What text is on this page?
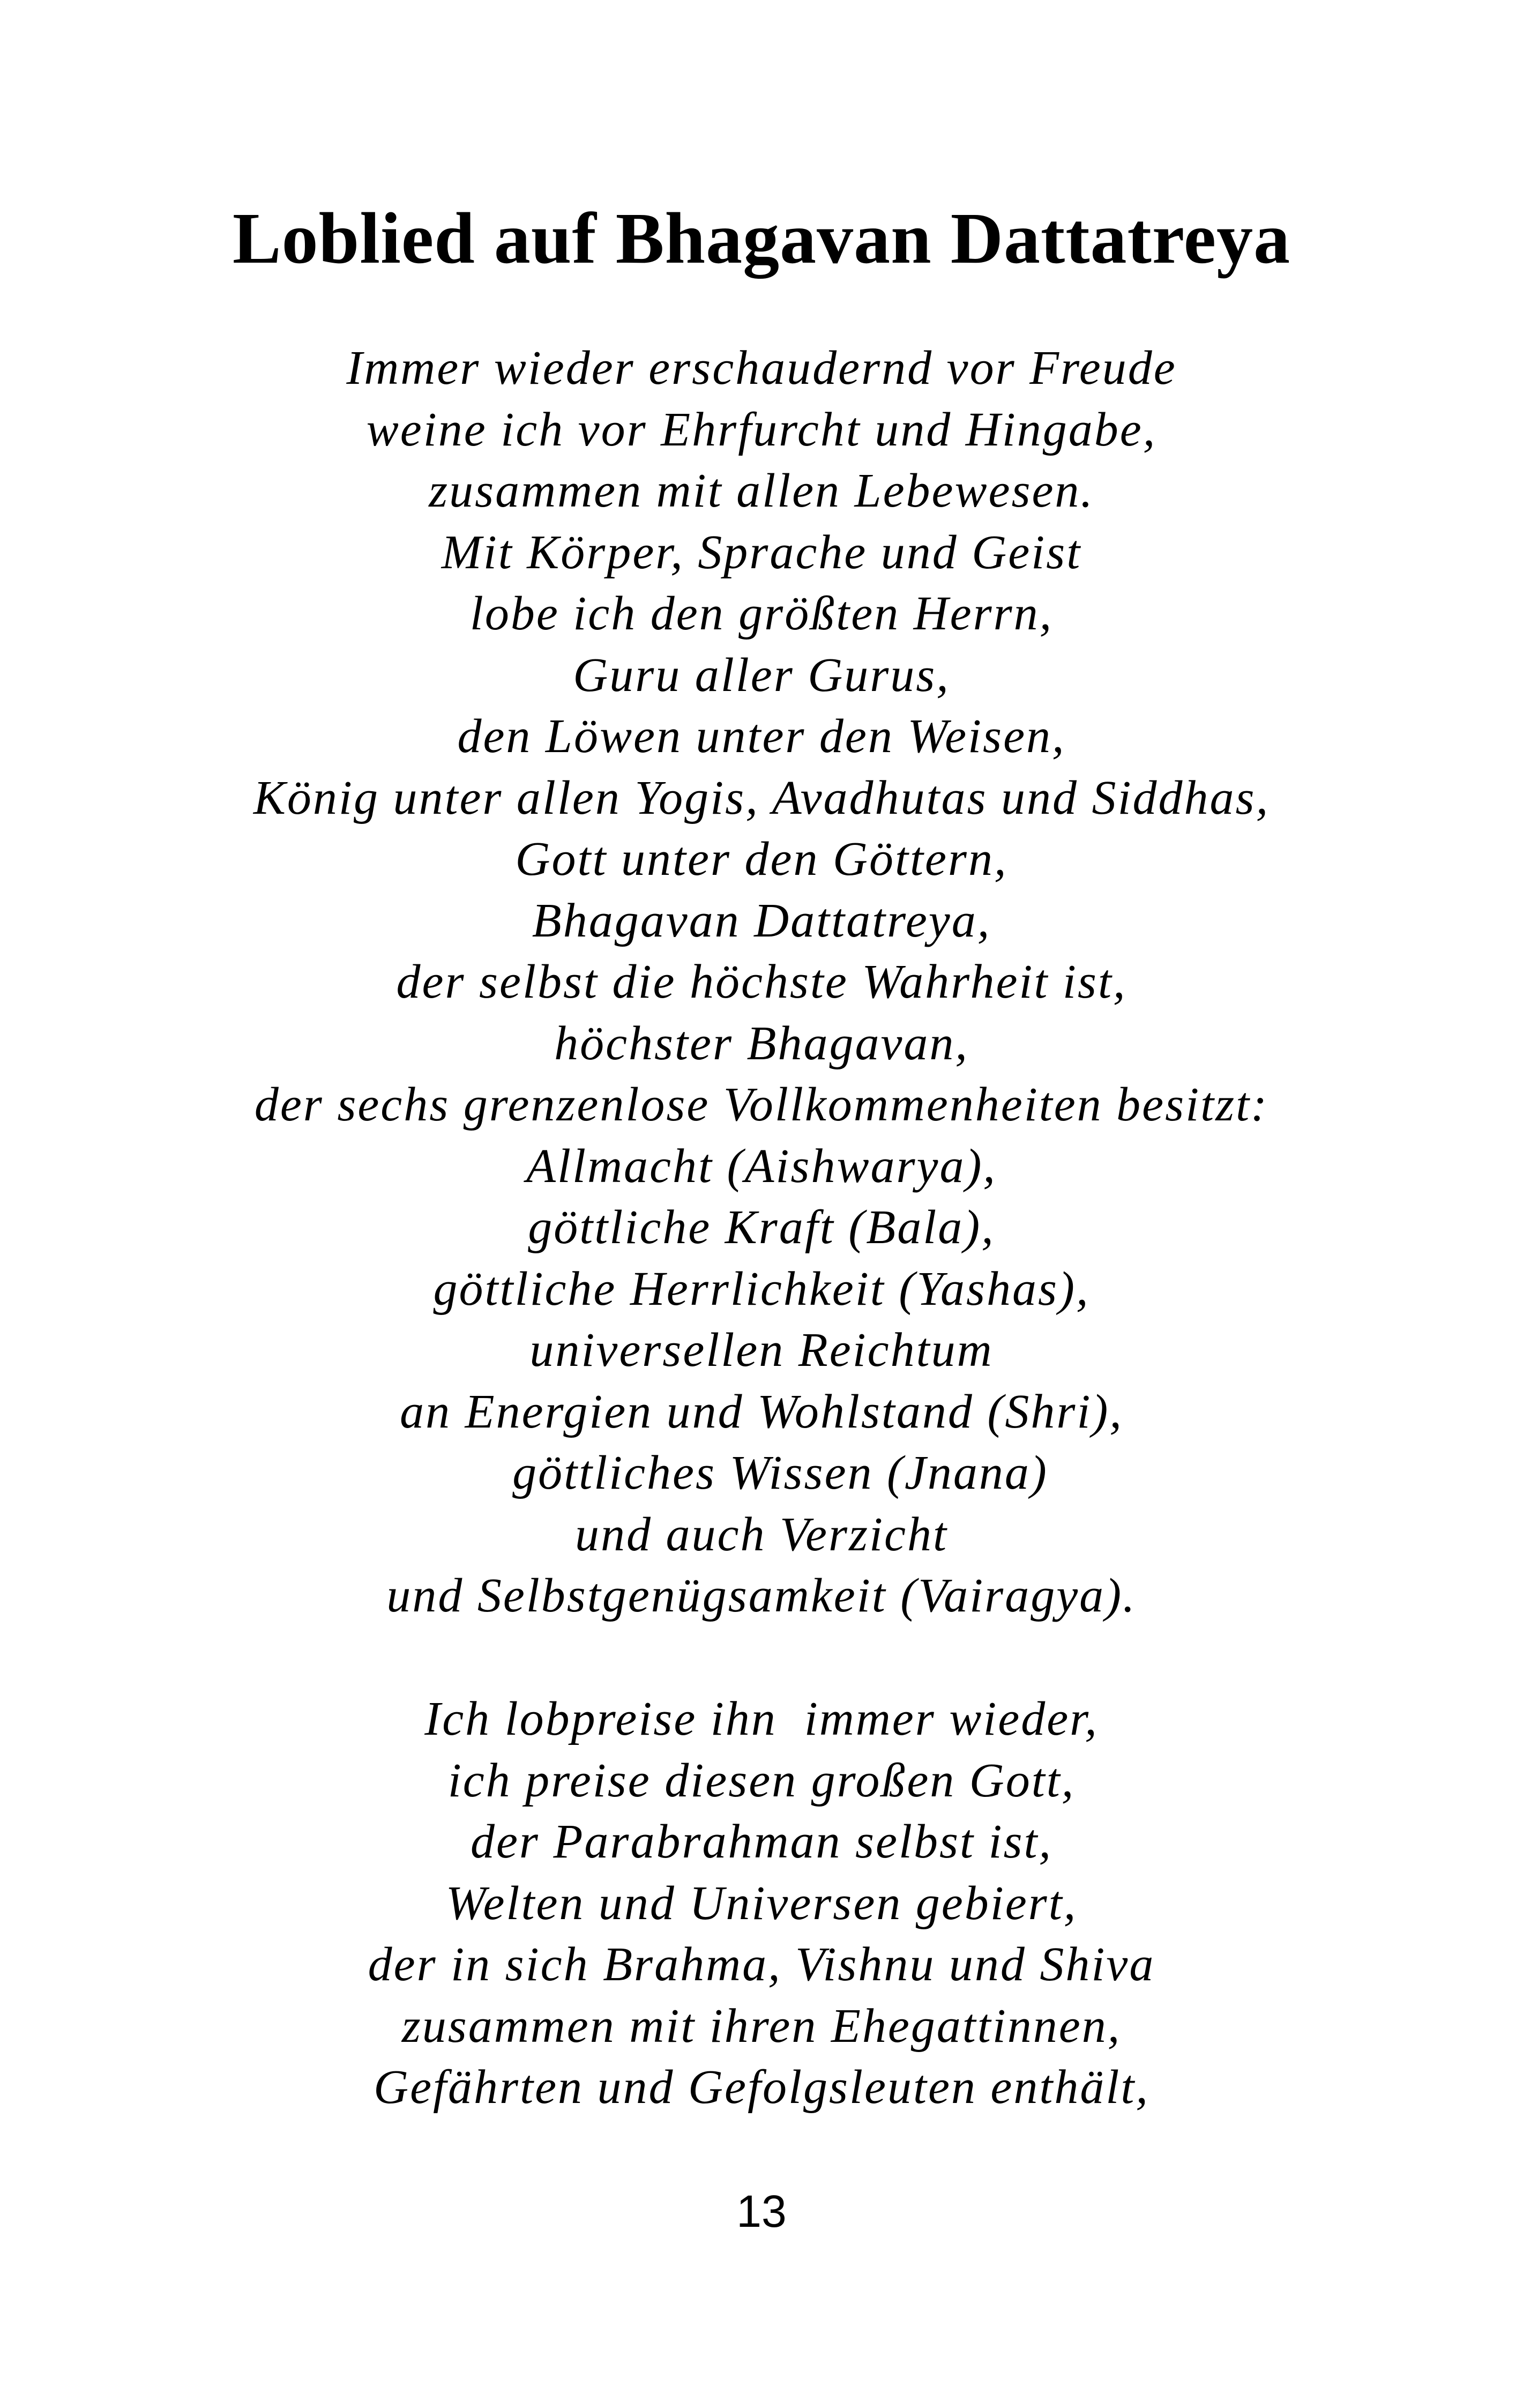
Loblied auf Bhagavan Dattatreya
Immer wieder erschaudernd vor Freude
weine ich vor Ehrfurcht und Hingabe,
zusammen mit allen Lebewesen.
Mit Körper, Sprache und Geist
lobe ich den größten Herrn,
Guru aller Gurus,
den Löwen unter den Weisen,
König unter allen Yogis, Avadhutas und Siddhas,
Gott unter den Göttern,
Bhagavan Dattatreya,
der selbst die höchste Wahrheit ist,
höchster Bhagavan,
der sechs grenzenlose Vollkommenheiten besitzt:
Allmacht (Aishwarya),
göttliche Kraft (Bala),
göttliche Herrlichkeit (Yashas),
universellen Reichtum
an Energien und Wohlstand (Shri),
göttliches Wissen (Jnana)
und auch Verzicht
und Selbstgenügsamkeit (Vairagya).
Ich lobpreise ihn  immer wieder,
ich preise diesen großen Gott,
der Parabrahman selbst ist,
Welten und Universen gebiert,
der in sich Brahma, Vishnu und Shiva
zusammen mit ihren Ehegattinnen,
Gefährten und Gefolgsleuten enthält,
13
